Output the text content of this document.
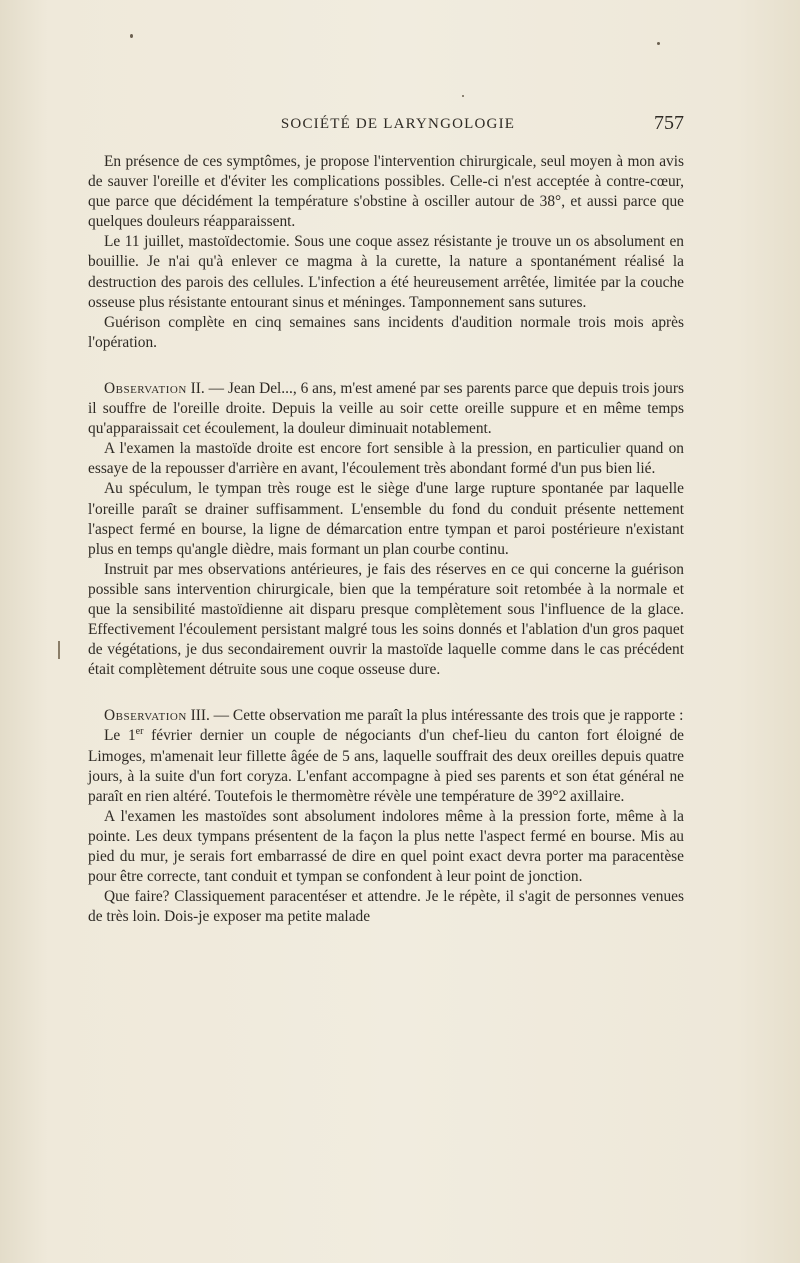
SOCIÉTÉ DE LARYNGOLOGIE	757

En présence de ces symptômes, je propose l'intervention chirurgicale, seul moyen à mon avis de sauver l'oreille et d'éviter les complications possibles. Celle-ci n'est acceptée à contre-cœur, que parce que décidément la température s'obstine à osciller autour de 38°, et aussi parce que quelques douleurs réapparaissent.

Le 11 juillet, mastoïdectomie. Sous une coque assez résistante je trouve un os absolument en bouillie. Je n'ai qu'à enlever ce magma à la curette, la nature a spontanément réalisé la destruction des parois des cellules. L'infection a été heureusement arrêtée, limitée par la couche osseuse plus résistante entourant sinus et méninges. Tamponnement sans sutures.

Guérison complète en cinq semaines sans incidents d'audition normale trois mois après l'opération.

Observation II. — Jean Del..., 6 ans, m'est amené par ses parents parce que depuis trois jours il souffre de l'oreille droite. Depuis la veille au soir cette oreille suppure et en même temps qu'apparaissait cet écoulement, la douleur diminuait notablement.

A l'examen la mastoïde droite est encore fort sensible à la pression, en particulier quand on essaye de la repousser d'arrière en avant, l'écoulement très abondant formé d'un pus bien lié.

Au spéculum, le tympan très rouge est le siège d'une large rupture spontanée par laquelle l'oreille paraît se drainer suffisamment. L'ensemble du fond du conduit présente nettement l'aspect fermé en bourse, la ligne de démarcation entre tympan et paroi postérieure n'existant plus en temps qu'angle dièdre, mais formant un plan courbe continu.

Instruit par mes observations antérieures, je fais des réserves en ce qui concerne la guérison possible sans intervention chirurgicale, bien que la température soit retombée à la normale et que la sensibilité mastoïdienne ait disparu presque complètement sous l'influence de la glace. Effectivement l'écoulement persistant malgré tous les soins donnés et l'ablation d'un gros paquet de végétations, je dus secondairement ouvrir la mastoïde laquelle comme dans le cas précédent était complètement détruite sous une coque osseuse dure.

Observation III. — Cette observation me paraît la plus intéressante des trois que je rapporte :

Le 1er février dernier un couple de négociants d'un chef-lieu du canton fort éloigné de Limoges, m'amenait leur fillette âgée de 5 ans, laquelle souffrait des deux oreilles depuis quatre jours, à la suite d'un fort coryza. L'enfant accompagne à pied ses parents et son état général ne paraît en rien altéré. Toutefois le thermomètre révèle une température de 39°2 axillaire.

A l'examen les mastoïdes sont absolument indolores même à la pression forte, même à la pointe. Les deux tympans présentent de la façon la plus nette l'aspect fermé en bourse. Mis au pied du mur, je serais fort embarrassé de dire en quel point exact devra porter ma paracentèse pour être correcte, tant conduit et tympan se confondent à leur point de jonction.

Que faire? Classiquement paracentéser et attendre. Je le répète, il s'agit de personnes venues de très loin. Dois-je exposer ma petite malade
